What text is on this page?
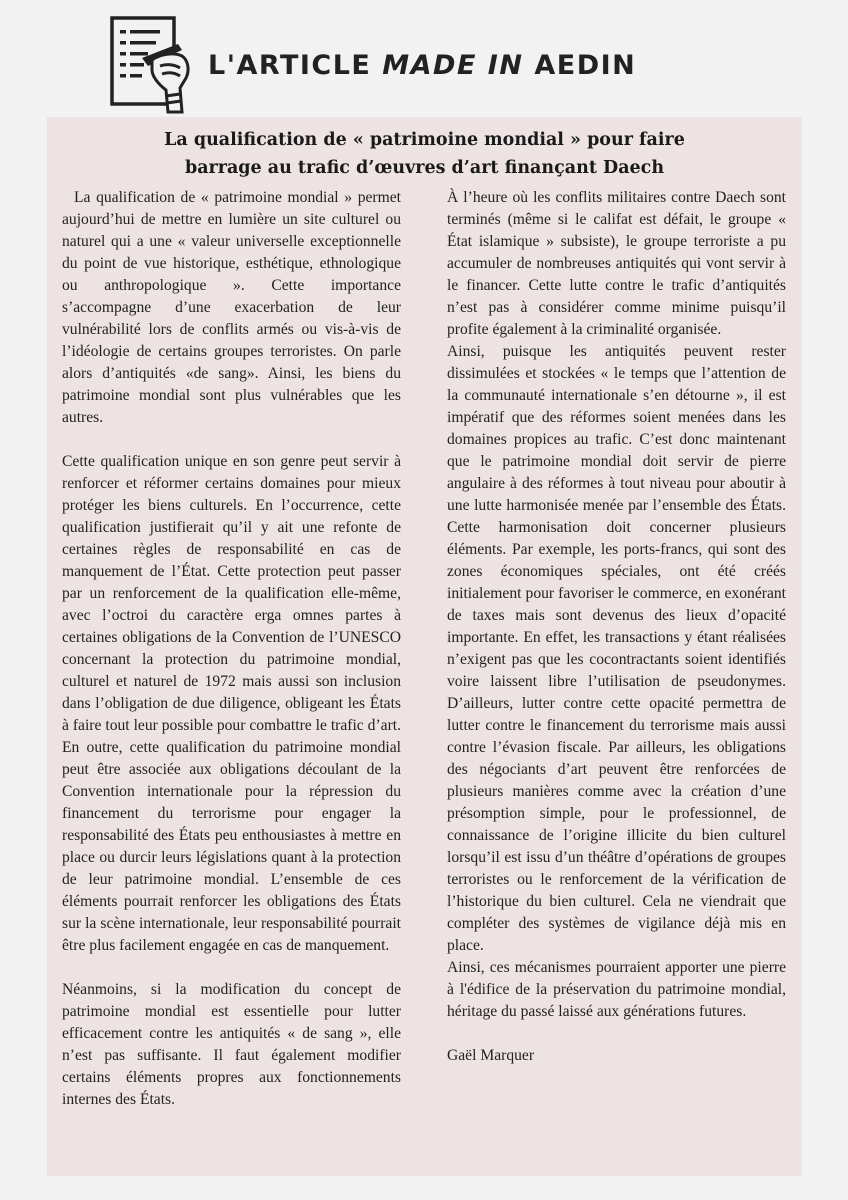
L'ARTICLE MADE IN AEDIN
La qualification de « patrimoine mondial » pour faire
barrage au trafic d’œuvres d’art finançant Daech

La qualification de « patrimoine mondial » permet aujourd’hui de mettre en lumière un site culturel ou naturel qui a une « valeur universelle exceptionnelle du point de vue historique, esthétique, ethnologique ou anthropologique ». Cette importance s’accompagne d’une exacerbation de leur vulnérabilité lors de conflits armés ou vis-à-vis de l’idéologie de certains groupes terroristes. On parle alors d’antiquités «de sang». Ainsi, les biens du patrimoine mondial sont plus vulnérables que les autres.

Cette qualification unique en son genre peut servir à renforcer et réformer certains domaines pour mieux protéger les biens culturels. En l’occurrence, cette qualification justifierait qu’il y ait une refonte de certaines règles de responsabilité en cas de manquement de l’État. Cette protection peut passer par un renforcement de la qualification elle-même, avec l’octroi du caractère erga omnes partes à certaines obligations de la Convention de l’UNESCO concernant la protection du patrimoine mondial, culturel et naturel de 1972 mais aussi son inclusion dans l’obligation de due diligence, obligeant les États à faire tout leur possible pour combattre le trafic d’art. En outre, cette qualification du patrimoine mondial peut être associée aux obligations découlant de la Convention internationale pour la répression du financement du terrorisme pour engager la responsabilité des États peu enthousiastes à mettre en place ou durcir leurs législations quant à la protection de leur patrimoine mondial. L’ensemble de ces éléments pourrait renforcer les obligations des États sur la scène internationale, leur responsabilité pourrait être plus facilement engagée en cas de manquement.

Néanmoins, si la modification du concept de patrimoine mondial est essentielle pour lutter efficacement contre les antiquités « de sang », elle n’est pas suffisante. Il faut également modifier certains éléments propres aux fonctionnements internes des États.

À l’heure où les conflits militaires contre Daech sont terminés (même si le califat est défait, le groupe « État islamique » subsiste), le groupe terroriste a pu accumuler de nombreuses antiquités qui vont servir à le financer. Cette lutte contre le trafic d’antiquités n’est pas à considérer comme minime puisqu’il profite également à la criminalité organisée.

Ainsi, puisque les antiquités peuvent rester dissimulées et stockées « le temps que l’attention de la communauté internationale s’en détourne », il est impératif que des réformes soient menées dans les domaines propices au trafic. C’est donc maintenant que le patrimoine mondial doit servir de pierre angulaire à des réformes à tout niveau pour aboutir à une lutte harmonisée menée par l’ensemble des États. Cette harmonisation doit concerner plusieurs éléments. Par exemple, les ports-francs, qui sont des zones économiques spéciales, ont été créés initialement pour favoriser le commerce, en exonérant de taxes mais sont devenus des lieux d’opacité importante. En effet, les transactions y étant réalisées n’exigent pas que les cocontractants soient identifiés voire laissent libre l’utilisation de pseudonymes. D’ailleurs, lutter contre cette opacité permettra de lutter contre le financement du terrorisme mais aussi contre l’évasion fiscale. Par ailleurs, les obligations des négociants d’art peuvent être renforcées de plusieurs manières comme avec la création d’une présomption simple, pour le professionnel, de connaissance de l’origine illicite du bien culturel lorsqu’il est issu d’un théâtre d’opérations de groupes terroristes ou le renforcement de la vérification de l’historique du bien culturel. Cela ne viendrait que compléter des systèmes de vigilance déjà mis en place.

Ainsi, ces mécanismes pourraient apporter une pierre à l'édifice de la préservation du patrimoine mondial, héritage du passé laissé aux générations futures.

Gaël Marquer
